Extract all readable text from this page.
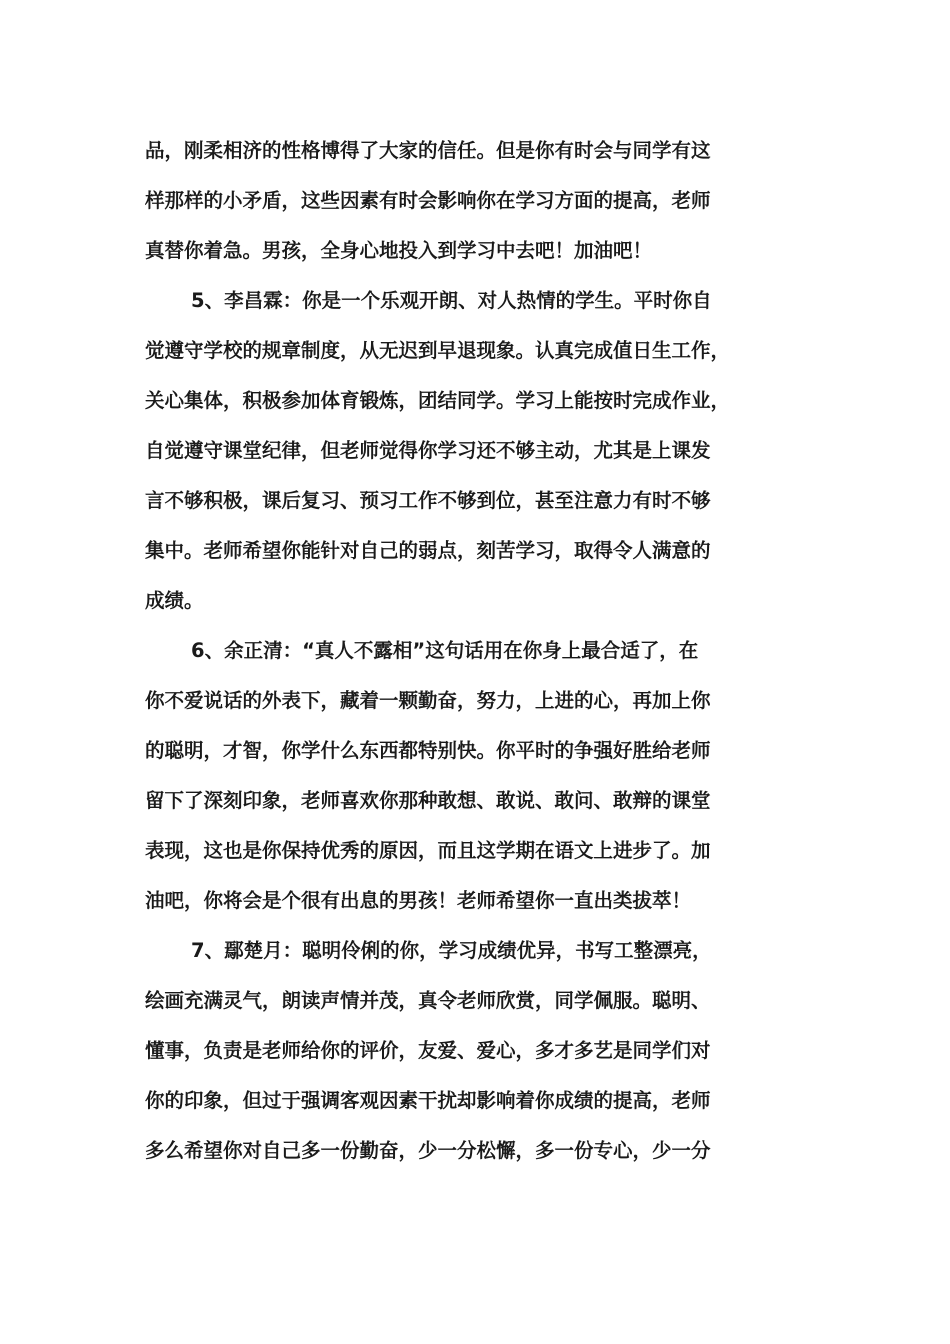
品，刚柔相济的性格博得了大家的信任。但是你有时会与同学有这
样那样的小矛盾，这些因素有时会影响你在学习方面的提高，老师
真替你着急。男孩，全身心地投入到学习中去吧！加油吧！
5、李昌霖：你是一个乐观开朗、对人热情的学生。平时你自
觉遵守学校的规章制度，从无迟到早退现象。认真完成值日生工作，
关心集体，积极参加体育锻炼，团结同学。学习上能按时完成作业，
自觉遵守课堂纪律，但老师觉得你学习还不够主动，尤其是上课发
言不够积极，课后复习、预习工作不够到位，甚至注意力有时不够
集中。老师希望你能针对自己的弱点，刻苦学习，取得令人满意的
成绩。
6、余正清：“真人不露相”这句话用在你身上最合适了，在
你不爱说话的外表下，藏着一颗勤奋，努力，上进的心，再加上你
的聪明，才智，你学什么东西都特别快。你平时的争强好胜给老师
留下了深刻印象，老师喜欢你那种敢想、敢说、敢问、敢辩的课堂
表现，这也是你保持优秀的原因，而且这学期在语文上进步了。加
油吧，你将会是个很有出息的男孩！老师希望你一直出类拔萃！
7、鄢楚月：聪明伶俐的你，学习成绩优异，书写工整漂亮，
绘画充满灵气，朗读声情并茂，真令老师欣赏，同学佩服。聪明、
懂事，负责是老师给你的评价，友爱、爱心，多才多艺是同学们对
你的印象，但过于强调客观因素干扰却影响着你成绩的提高，老师
多么希望你对自己多一份勤奋，少一分松懈，多一份专心，少一分
